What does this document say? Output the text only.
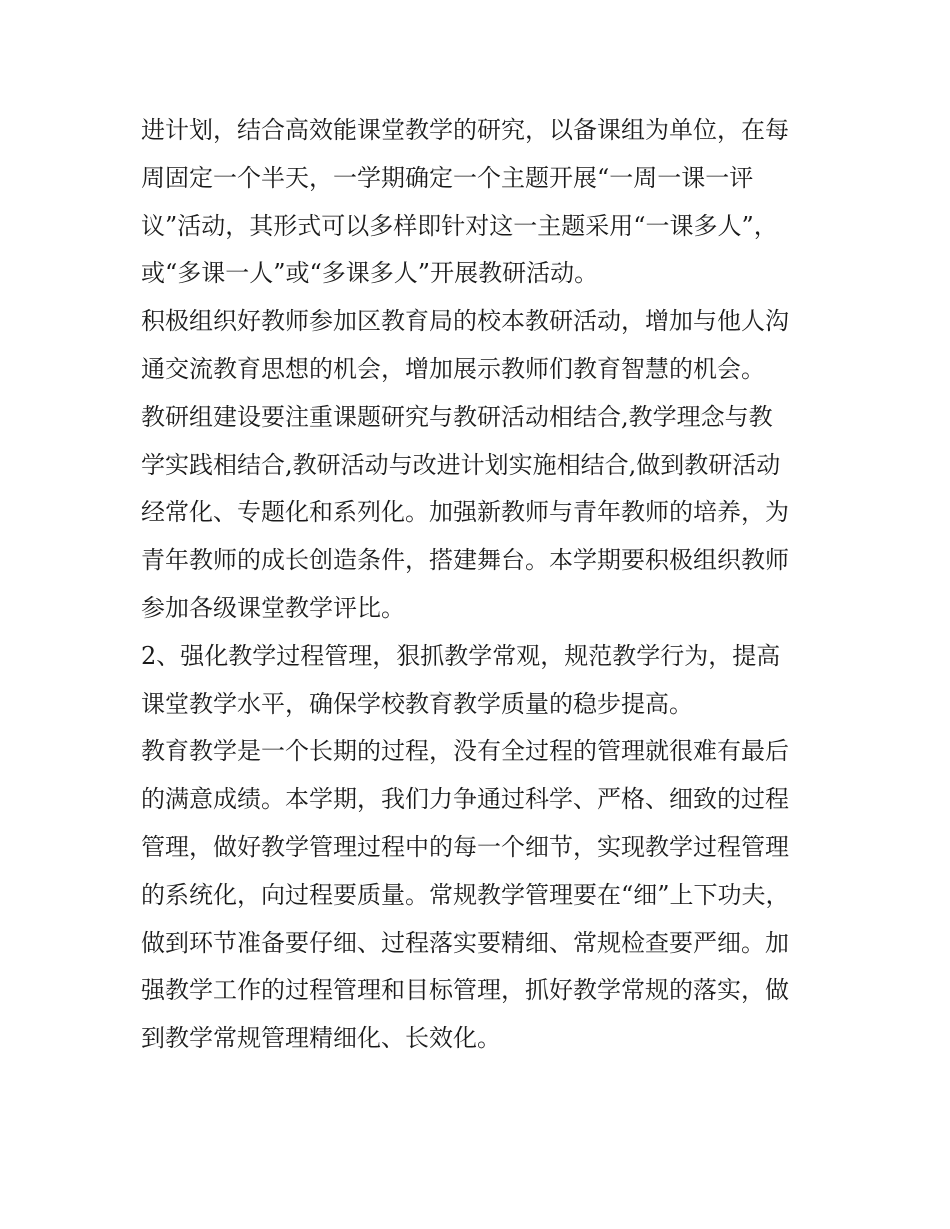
进计划，结合高效能课堂教学的研究，以备课组为单位，在每
周固定一个半天，一学期确定一个主题开展“一周一课一评
议”活动，其形式可以多样即针对这一主题采用“一课多人”，
或“多课一人”或“多课多人”开展教研活动。
积极组织好教师参加区教育局的校本教研活动，增加与他人沟
通交流教育思想的机会，增加展示教师们教育智慧的机会。
教研组建设要注重课题研究与教研活动相结合,教学理念与教
学实践相结合,教研活动与改进计划实施相结合,做到教研活动
经常化、专题化和系列化。加强新教师与青年教师的培养，为
青年教师的成长创造条件，搭建舞台。本学期要积极组织教师
参加各级课堂教学评比。
2、强化教学过程管理，狠抓教学常观，规范教学行为，提高
课堂教学水平，确保学校教育教学质量的稳步提高。
教育教学是一个长期的过程，没有全过程的管理就很难有最后
的满意成绩。本学期，我们力争通过科学、严格、细致的过程
管理，做好教学管理过程中的每一个细节，实现教学过程管理
的系统化，向过程要质量。常规教学管理要在“细”上下功夫，
做到环节准备要仔细、过程落实要精细、常规检查要严细。加
强教学工作的过程管理和目标管理，抓好教学常规的落实，做
到教学常规管理精细化、长效化。
